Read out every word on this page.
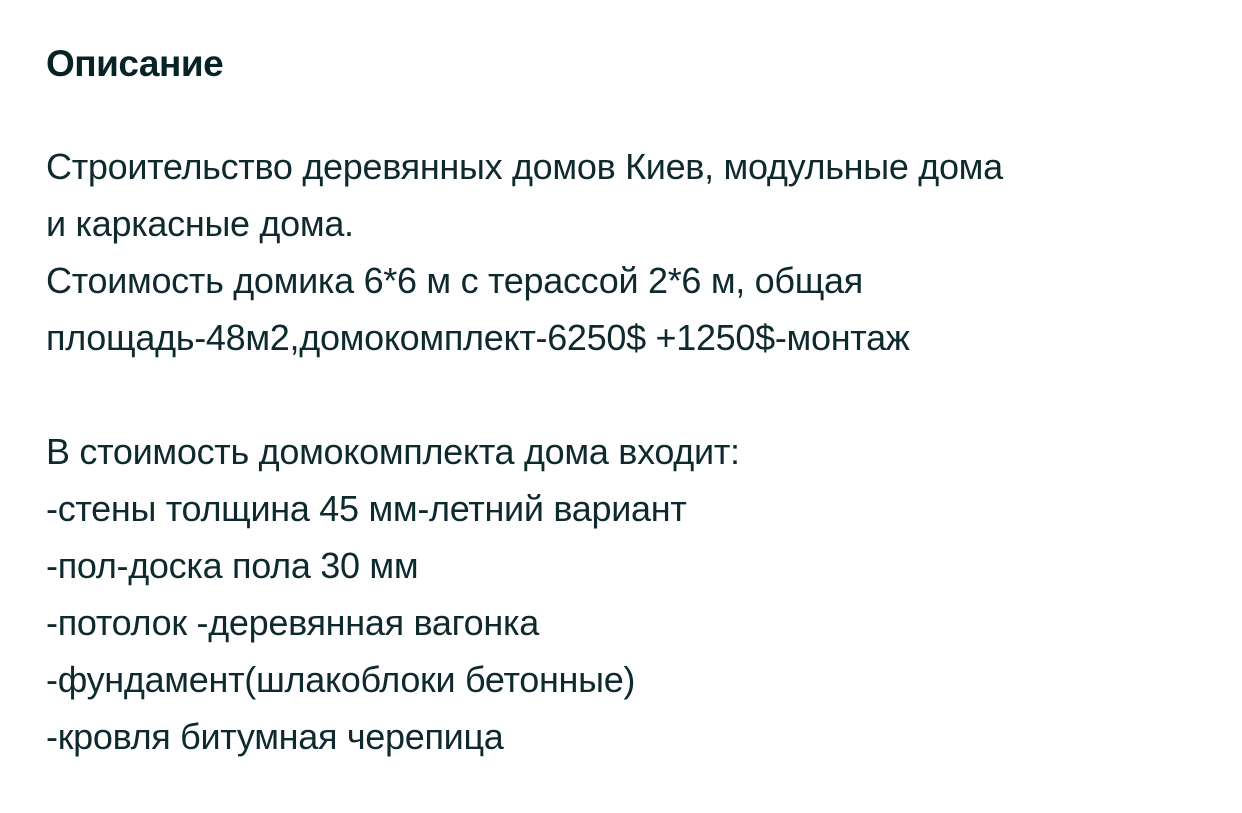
Описание
Строительство деревянных домов Киев, модульные дома
и каркасные дома.
Стоимость домика 6*6 м с терассой 2*6 м, общая
площадь-48м2,домокомплект-6250$ +1250$-монтаж
В стоимость домокомплекта дома входит:
-стены толщина 45 мм-летний вариант
-пол-доска пола 30 мм
-потолок -деревянная вагонка
-фундамент(шлакоблоки бетонные)
-кровля битумная черепица
